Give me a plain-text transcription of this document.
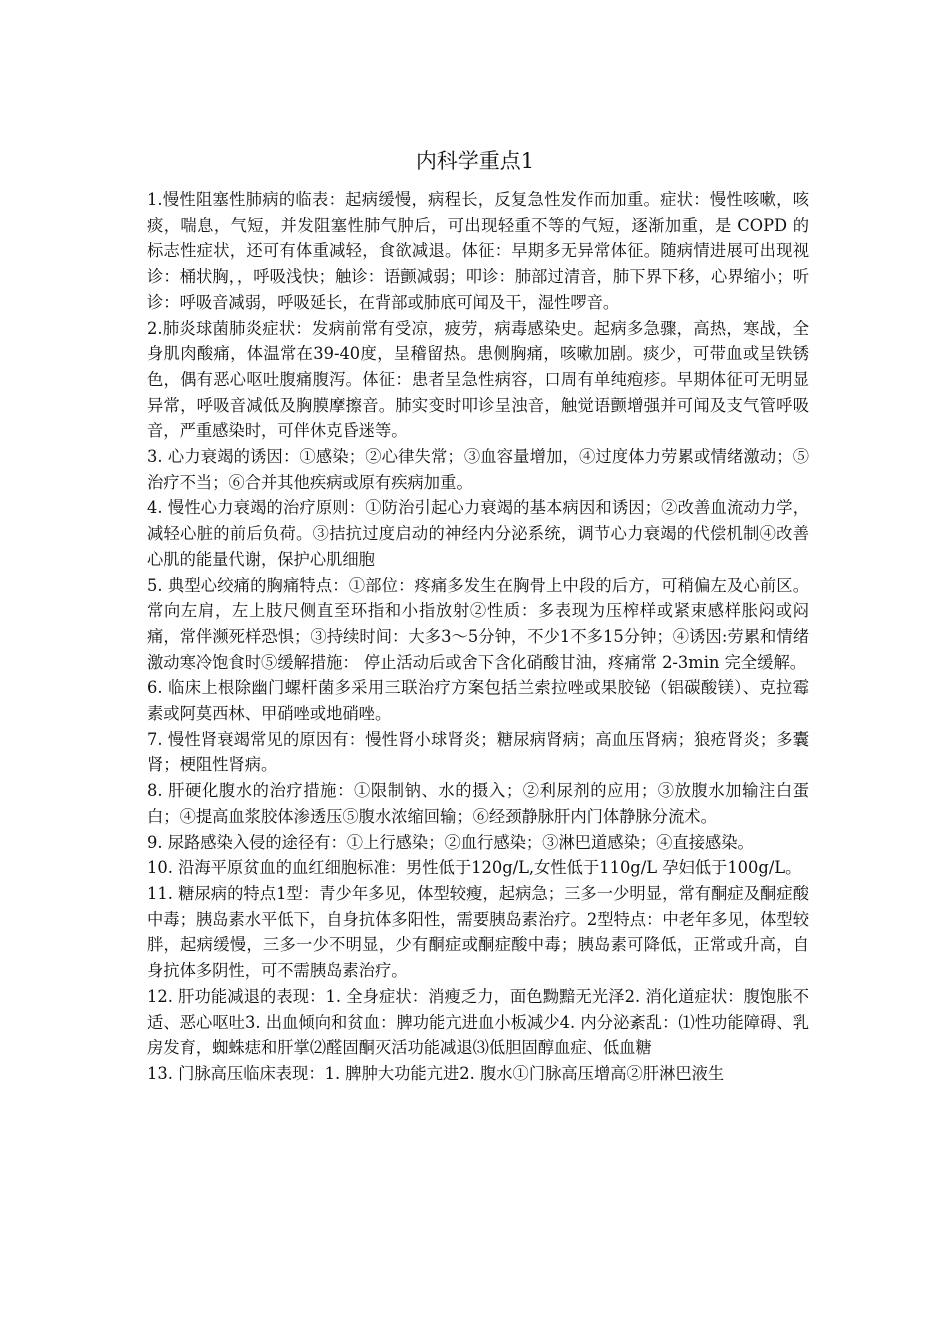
内科学重点1

1.慢性阻塞性肺病的临表：起病缓慢，病程长，反复急性发作而加重。症状：慢性咳嗽，咳痰，喘息，气短，并发阻塞性肺气肿后，可出现轻重不等的气短，逐渐加重，是 COPD 的标志性症状，还可有体重减轻，食欲减退。体征：早期多无异常体征。随病情进展可出现视诊：桶状胸，，呼吸浅快；触诊：语颤减弱；叩诊：肺部过清音，肺下界下移，心界缩小；听诊：呼吸音减弱，呼吸延长，在背部或肺底可闻及干，湿性啰音。

2.肺炎球菌肺炎症状：发病前常有受凉，疲劳，病毒感染史。起病多急骤，高热，寒战，全身肌肉酸痛，体温常在39-40度，呈稽留热。患侧胸痛，咳嗽加剧。痰少，可带血或呈铁锈色，偶有恶心呕吐腹痛腹泻。体征：患者呈急性病容，口周有单纯疱疹。早期体征可无明显异常，呼吸音减低及胸膜摩擦音。肺实变时叩诊呈浊音，触觉语颤增强并可闻及支气管呼吸音，严重感染时，可伴休克昏迷等。

3. 心力衰竭的诱因：①感染；②心律失常；③血容量增加，④过度体力劳累或情绪激动；⑤治疗不当；⑥合并其他疾病或原有疾病加重。

4. 慢性心力衰竭的治疗原则：①防治引起心力衰竭的基本病因和诱因；②改善血流动力学，减轻心脏的前后负荷。③拮抗过度启动的神经内分泌系统，调节心力衰竭的代偿机制④改善心肌的能量代谢，保护心肌细胞

5. 典型心绞痛的胸痛特点：①部位：疼痛多发生在胸骨上中段的后方，可稍偏左及心前区。常向左肩，左上肢尺侧直至环指和小指放射②性质：多表现为压榨样或紧束感样胀闷或闷痛，常伴濒死样恐惧；③持续时间：大多3～5分钟，不少1不多15分钟；④诱因:劳累和情绪激动寒冷饱食时⑤缓解措施： 停止活动后或舍下含化硝酸甘油，疼痛常 2-3min 完全缓解。

6. 临床上根除幽门螺杆菌多采用三联治疗方案包括兰索拉唑或果胶铋（铝碳酸镁）、克拉霉素或阿莫西林、甲硝唑或地硝唑。

7. 慢性肾衰竭常见的原因有：慢性肾小球肾炎；糖尿病肾病；高血压肾病；狼疮肾炎；多囊肾；梗阻性肾病。

8. 肝硬化腹水的治疗措施：①限制钠、水的摄入；②利尿剂的应用；③放腹水加输注白蛋白；④提高血浆胶体渗透压⑤腹水浓缩回输；⑥经颈静脉肝内门体静脉分流术。

9. 尿路感染入侵的途径有：①上行感染；②血行感染；③淋巴道感染；④直接感染。

10. 沿海平原贫血的血红细胞标准：男性低于120g/L,女性低于110g/L 孕妇低于100g/L。

11. 糖尿病的特点1型：青少年多见，体型较瘦，起病急；三多一少明显，常有酮症及酮症酸中毒；胰岛素水平低下，自身抗体多阳性，需要胰岛素治疗。2型特点：中老年多见，体型较胖，起病缓慢，三多一少不明显，少有酮症或酮症酸中毒；胰岛素可降低，正常或升高，自身抗体多阴性，可不需胰岛素治疗。

12. 肝功能减退的表现：1. 全身症状：消瘦乏力，面色黝黯无光泽2. 消化道症状：腹饱胀不适、恶心呕吐3. 出血倾向和贫血：脾功能亢进血小板减少4. 内分泌紊乱：⑴性功能障碍、乳房发育，蜘蛛痣和肝掌⑵醛固酮灭活功能减退⑶低胆固醇血症、低血糖

13. 门脉高压临床表现：1. 脾肿大功能亢进2. 腹水①门脉高压增高②肝淋巴液生
